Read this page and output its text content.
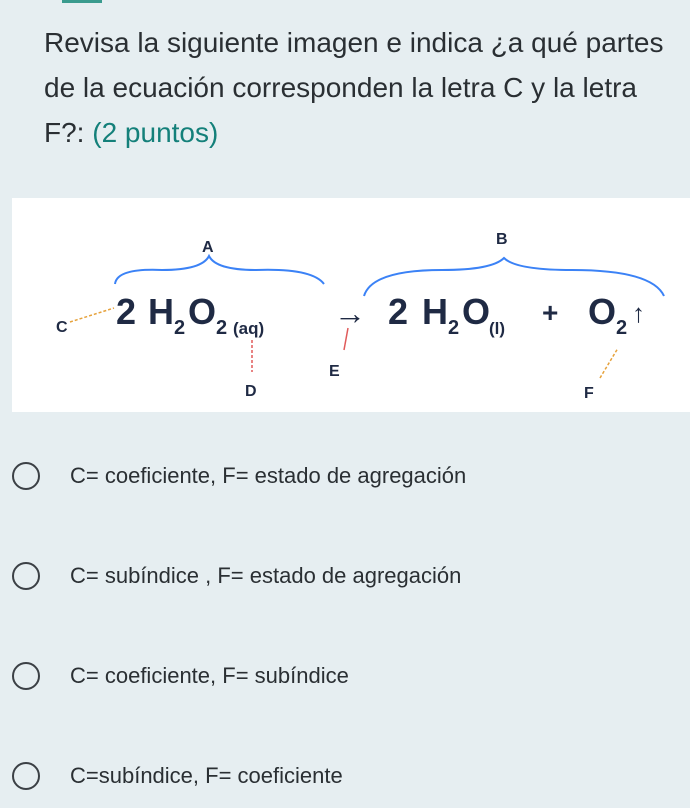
Revisa la siguiente imagen e indica ¿a qué partes de la ecuación corresponden la letra C y la letra F?: (2 puntos)
A	B
C 2 H 2 O 2 (aq)
D
→
E
2 H 2 O
(l)
+ O 2 ↑
F
C= coeficiente, F= estado de agregación
C= subíndice , F= estado de agregación
C= coeficiente, F= subíndice
C=subíndice, F= coeficiente
